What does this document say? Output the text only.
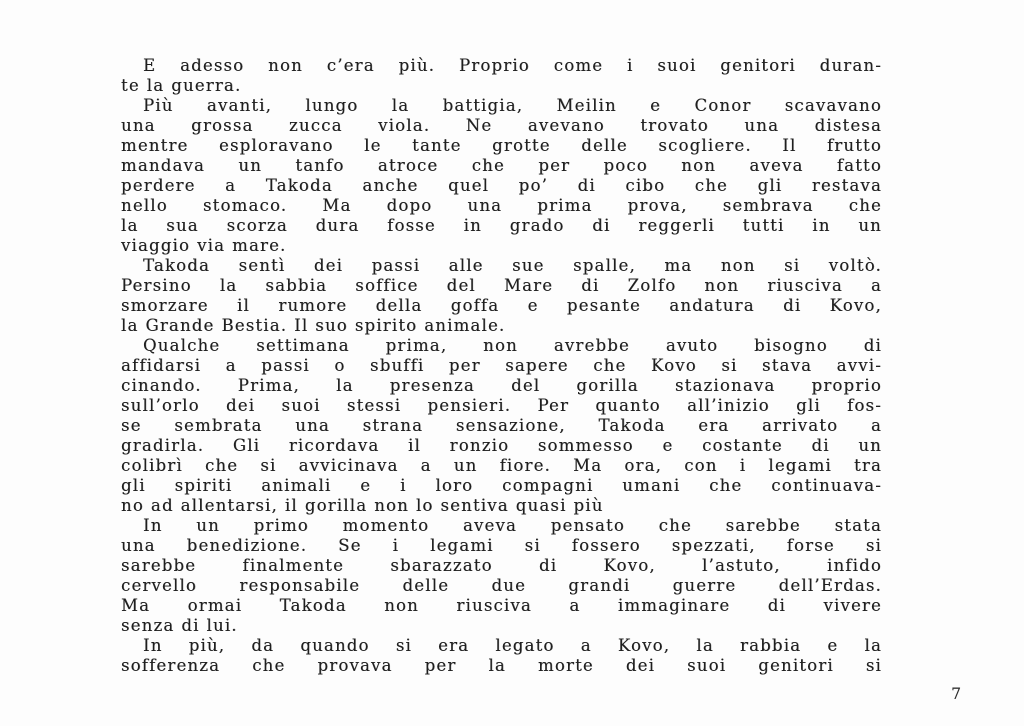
E adesso non c’era più. Proprio come i suoi genitori duran-
te la guerra.
Più avanti, lungo la battigia, Meilin e Conor scavavano
una grossa zucca viola. Ne avevano trovato una distesa
mentre esploravano le tante grotte delle scogliere. Il frutto
mandava un tanfo atroce che per poco non aveva fatto
perdere a Takoda anche quel po’ di cibo che gli restava
nello stomaco. Ma dopo una prima prova, sembrava che
la sua scorza dura fosse in grado di reggerli tutti in un
viaggio via mare.
Takoda sentì dei passi alle sue spalle, ma non si voltò.
Persino la sabbia soffice del Mare di Zolfo non riusciva a
smorzare il rumore della goffa e pesante andatura di Kovo,
la Grande Bestia. Il suo spirito animale.
Qualche settimana prima, non avrebbe avuto bisogno di
affidarsi a passi o sbuffi per sapere che Kovo si stava avvi-
cinando. Prima, la presenza del gorilla stazionava proprio
sull’orlo dei suoi stessi pensieri. Per quanto all’inizio gli fos-
se sembrata una strana sensazione, Takoda era arrivato a
gradirla. Gli ricordava il ronzio sommesso e costante di un
colibrì che si avvicinava a un fiore. Ma ora, con i legami tra
gli spiriti animali e i loro compagni umani che continuava-
no ad allentarsi, il gorilla non lo sentiva quasi più
In un primo momento aveva pensato che sarebbe stata
una benedizione. Se i legami si fossero spezzati, forse si
sarebbe finalmente sbarazzato di Kovo, l’astuto, infido
cervello responsabile delle due grandi guerre dell’Erdas.
Ma ormai Takoda non riusciva a immaginare di vivere
senza di lui.
In più, da quando si era legato a Kovo, la rabbia e la
sofferenza che provava per la morte dei suoi genitori si
7
